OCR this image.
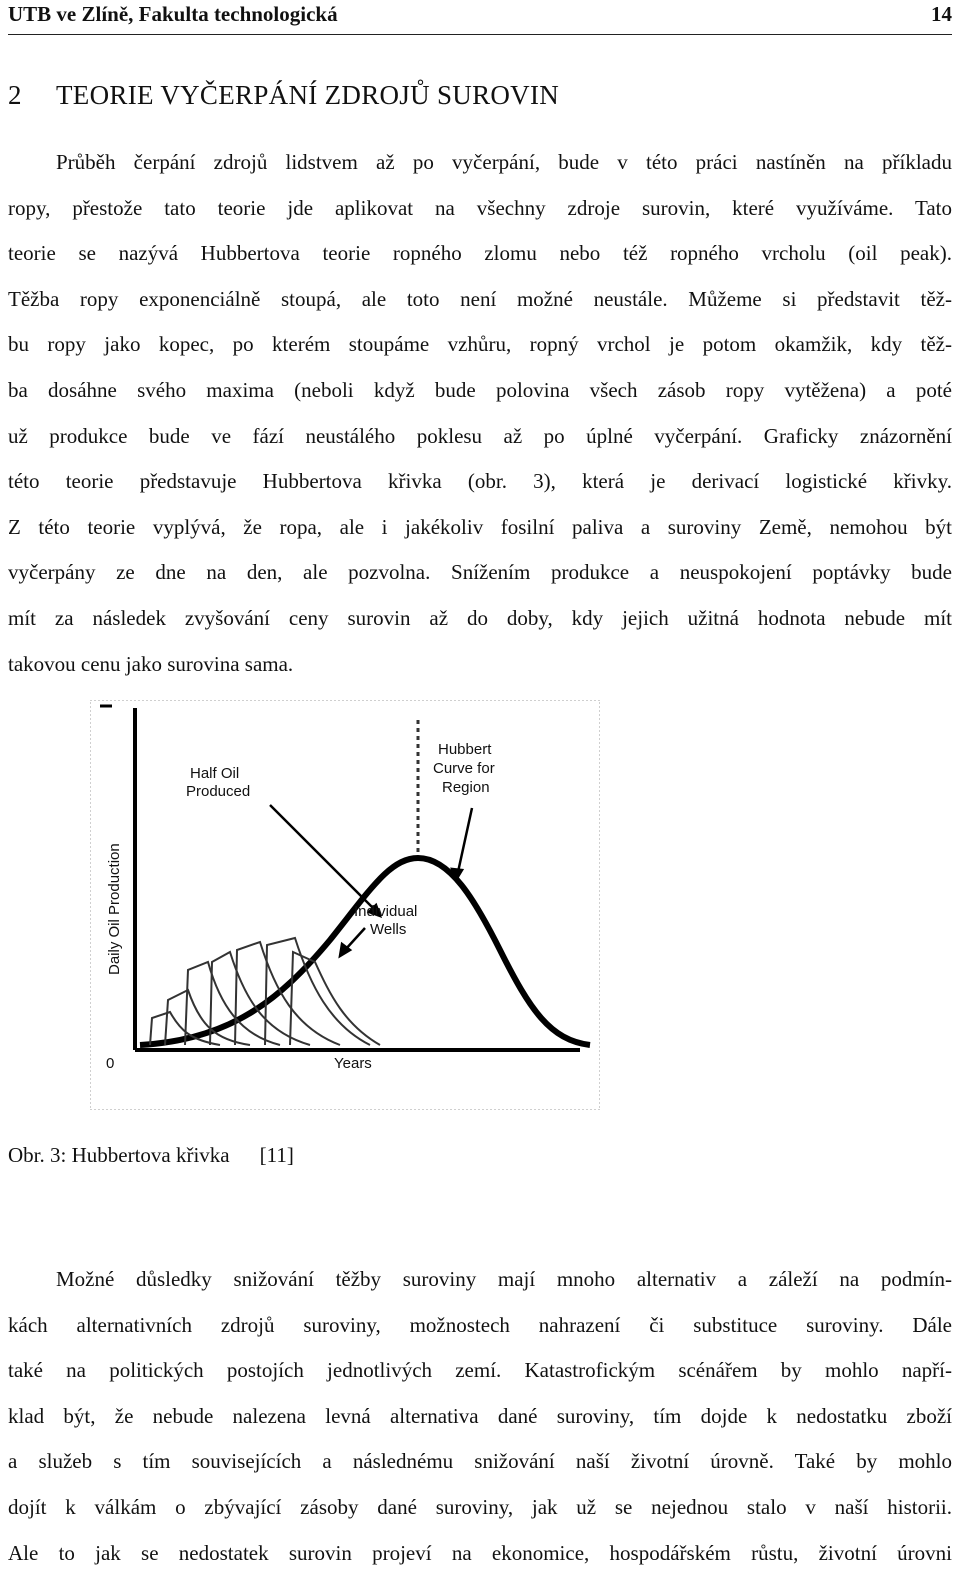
UTB ve Zlíně, Fakulta technologická	14
2 TEORIE VYČERPÁNÍ ZDROJŮ SUROVIN
Průběh čerpání zdrojů lidstvem až po vyčerpání, bude v této práci nastíněn na příkladu
ropy, přestože tato teorie jde aplikovat na všechny zdroje surovin, které využíváme. Tato
teorie se nazývá Hubbertova teorie ropného zlomu nebo též ropného vrcholu (oil peak).
Těžba ropy exponenciálně stoupá, ale toto není možné neustále. Můžeme si představit těž-
bu ropy jako kopec, po kterém stoupáme vzhůru, ropný vrchol je potom okamžik, kdy těž-
ba dosáhne svého maxima (neboli když bude polovina všech zásob ropy vytěžena) a poté
už produkce bude ve fází neustálého poklesu až po úplné vyčerpání. Graficky znázornění
této teorie představuje Hubbertova křivka (obr. 3), která je derivací logistické křivky.
Z této teorie vyplývá, že ropa, ale i jakékoliv fosilní paliva a suroviny Země, nemohou být
vyčerpány ze dne na den, ale pozvolna. Snížením produkce a neuspokojení poptávky bude
mít za následek zvyšování ceny surovin až do doby, kdy jejich užitná hodnota nebude mít
takovou cenu jako surovina sama.
Half Oil
Produced
Hubbert
Curve for
Region
Individual
Wells
Daily Oil Production
Years
0
Obr. 3: Hubbertova křivka [11]
Možné důsledky snižování těžby suroviny mají mnoho alternativ a záleží na podmín-
kách alternativních zdrojů suroviny, možnostech nahrazení či substituce suroviny. Dále
také na politických postojích jednotlivých zemí. Katastrofickým scénářem by mohlo napří-
klad být, že nebude nalezena levná alternativa dané suroviny, tím dojde k nedostatku zboží
a služeb s tím souvisejících a následnému snižování naší životní úrovně. Také by mohlo
dojít k válkám o zbývající zásoby dané suroviny, jak už se nejednou stalo v naší historii.
Ale to jak se nedostatek surovin projeví na ekonomice, hospodářském růstu, životní úrovni
